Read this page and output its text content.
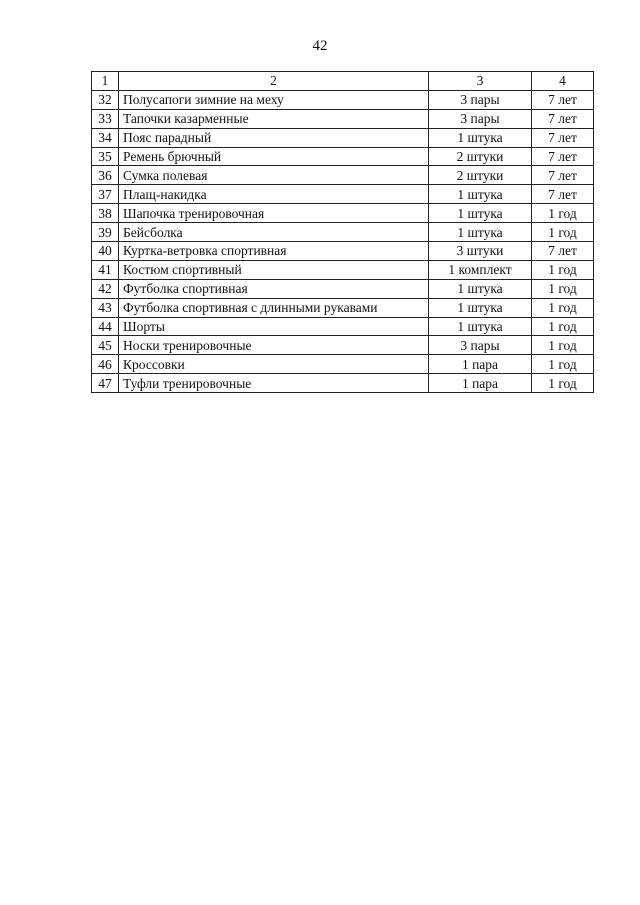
42
1	2	3	4
32	Полусапоги зимние на меху	3 пары	7 лет
33	Тапочки казарменные	3 пары	7 лет
34	Пояс парадный	1 штука	7 лет
35	Ремень брючный	2 штуки	7 лет
36	Сумка полевая	2 штуки	7 лет
37	Плащ-накидка	1 штука	7 лет
38	Шапочка тренировочная	1 штука	1 год
39	Бейсболка	1 штука	1 год
40	Куртка-ветровка спортивная	3 штуки	7 лет
41	Костюм спортивный	1 комплект	1 год
42	Футболка спортивная	1 штука	1 год
43	Футболка спортивная с длинными рукавами	1 штука	1 год
44	Шорты	1 штука	1 год
45	Носки тренировочные	3 пары	1 год
46	Кроссовки	1 пара	1 год
47	Туфли тренировочные	1 пара	1 год
